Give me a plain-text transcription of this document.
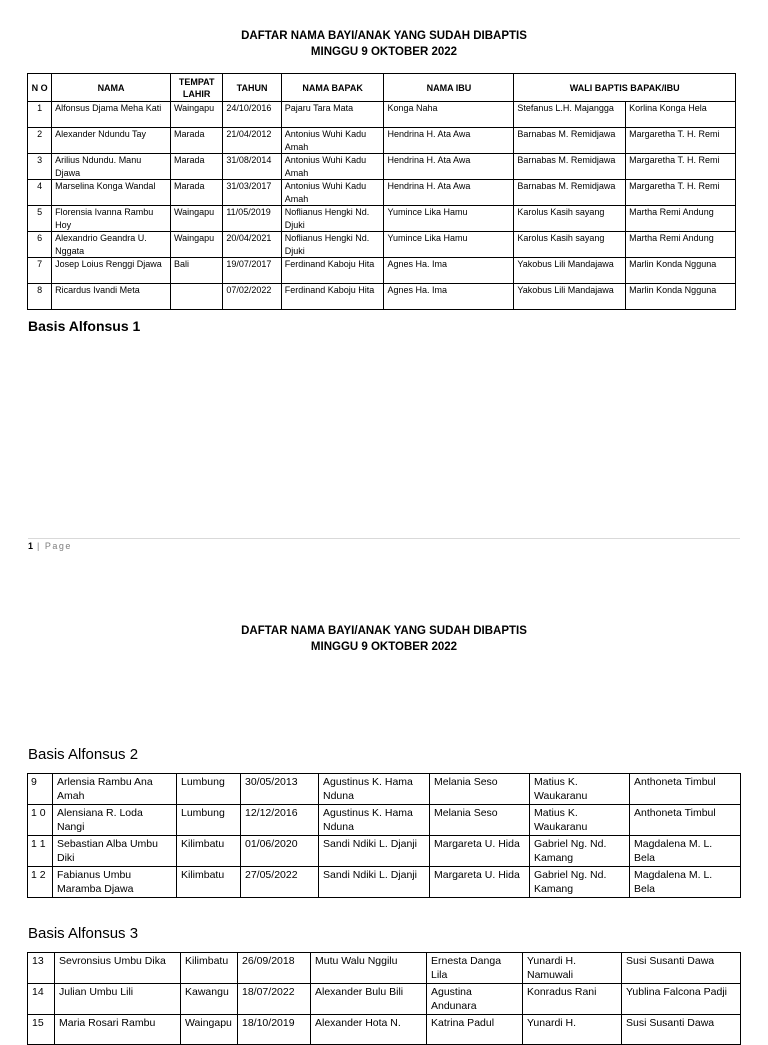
DAFTAR NAMA BAYI/ANAK YANG SUDAH DIBAPTIS
MINGGU 9 OKTOBER 2022
N O	NAMA	TEMPAT LAHIR	TAHUN	NAMA BAPAK	NAMA IBU	WALI BAPTIS BAPAK/IBU	
1	Alfonsus Djama Meha Kati	Waingapu	24/10/2016	Pajaru Tara Mata	Konga Naha	Stefanus L.H. Majangga	Korlina Konga Hela
2	Alexander Ndundu Tay	Marada	21/04/2012	Antonius Wuhi Kadu Amah	Hendrina H. Ata Awa	Barnabas M. Remidjawa	Margaretha T. H. Remi
3	Arilius Ndundu. Manu Djawa	Marada	31/08/2014	Antonius Wuhi Kadu Amah	Hendrina H. Ata Awa	Barnabas M. Remidjawa	Margaretha T. H. Remi
4	Marselina Konga Wandal	Marada	31/03/2017	Antonius Wuhi Kadu Amah	Hendrina H. Ata Awa	Barnabas M. Remidjawa	Margaretha T. H. Remi
5	Florensia Ivanna Rambu Hoy	Waingapu	11/05/2019	Noflianus Hengki Nd. Djuki	Yumince Lika Hamu	Karolus Kasih sayang	Martha Remi Andung
6	Alexandrio Geandra U. Nggata	Waingapu	20/04/2021	Noflianus Hengki Nd. Djuki	Yumince Lika Hamu	Karolus Kasih sayang	Martha Remi Andung
7	Josep Loius Renggi Djawa	Bali	19/07/2017	Ferdinand Kaboju Hita	Agnes Ha. Ima	Yakobus Lili Mandajawa	Marlin Konda Ngguna
8	Ricardus Ivandi Meta		07/02/2022	Ferdinand Kaboju Hita	Agnes Ha. Ima	Yakobus Lili Mandajawa	Marlin Konda Ngguna
Basis Alfonsus 1
1 | Page
DAFTAR NAMA BAYI/ANAK YANG SUDAH DIBAPTIS
MINGGU 9 OKTOBER 2022
Basis Alfonsus 2
9	Arlensia Rambu Ana Amah	Lumbung	30/05/2013	Agustinus K. Hama Nduna	Melania Seso	Matius K. Waukaranu	Anthoneta Timbul
1 0	Alensiana R. Loda Nangi	Lumbung	12/12/2016	Agustinus K. Hama Nduna	Melania Seso	Matius K. Waukaranu	Anthoneta Timbul
1 1	Sebastian Alba Umbu Diki	Kilimbatu	01/06/2020	Sandi Ndiki L. Djanji	Margareta U. Hida	Gabriel Ng. Nd. Kamang	Magdalena M. L. Bela
1 2	Fabianus Umbu Maramba Djawa	Kilimbatu	27/05/2022	Sandi Ndiki L. Djanji	Margareta U. Hida	Gabriel Ng. Nd. Kamang	Magdalena M. L. Bela
Basis Alfonsus 3
13	Sevronsius Umbu Dika	Kilimbatu	26/09/2018	Mutu Walu Nggilu	Ernesta Danga Lila	Yunardi H. Namuwali	Susi Susanti Dawa
14	Julian Umbu Lili	Kawangu	18/07/2022	Alexander Bulu Bili	Agustina Andunara	Konradus Rani	Yublina Falcona Padji
15	Maria Rosari Rambu	Waingapu	18/10/2019	Alexander Hota N.	Katrina Padul	Yunardi H.	Susi Susanti Dawa
